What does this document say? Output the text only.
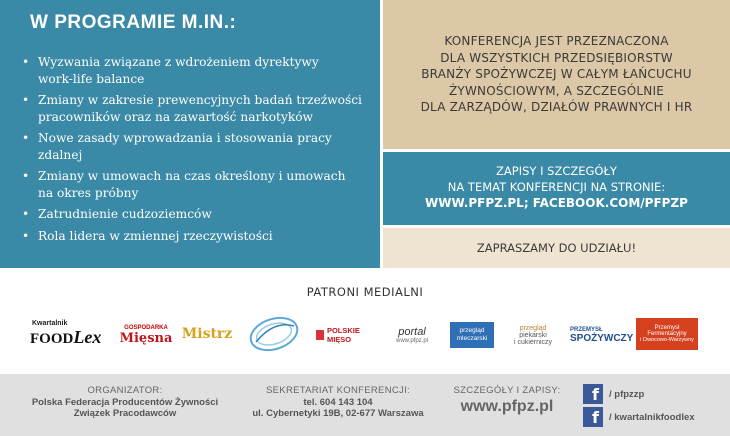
W PROGRAMIE M.IN.:
• Wyzwania związane z wdrożeniem dyrektywy
work-life balance
• Zmiany w zakresie prewencyjnych badań trzeźwości
pracowników oraz na zawartość narkotyków
• Nowe zasady wprowadzania i stosowania pracy
zdalnej
• Zmiany w umowach na czas określony i umowach
na okres próbny
• Zatrudnienie cudzoziemców
• Rola lidera w zmiennej rzeczywistości
KONFERENCJA JEST PRZEZNACZONA
DLA WSZYSTKICH PRZEDSIĘBIORSTW
BRANŻY SPOŻYWCZEJ W CAŁYM ŁAŃCUCHU
ŻYWNOŚCIOWYM, A SZCZEGÓLNIE
DLA ZARZĄDÓW, DZIAŁÓW PRAWNYCH I HR
ZAPISY I SZCZEGÓŁY
NA TEMAT KONFERENCJI NA STRONIE:
WWW.PFPZ.PL; FACEBOOK.COM/PFPZP
ZAPRASZAMY DO UDZIAŁU!
PATRONI MEDIALNI
Kwartalnik
FOOD Lex	GOSPODARKA
Mięsna Mistrz	POLSKIE MIĘSO
portal
www.pfpz.pl
przegląd mleczarski
przegląd
piekarski
i cukierniczy
PRZEMYSŁ
SPOŻYWCZY
Przemysł
Fermentacyjny
i Owocowo-Warzywny
ORGANIZATOR:
Polska Federacja Producentów Żywności
Związek Pracodawców
SEKRETARIAT KONFERENCJI:
tel. 604 143 104
ul. Cybernetyki 19B, 02-677 Warszawa
SZCZEGÓŁY I ZAPISY:
www.pfpz.pl
f	/ pfpzzp
f	/ kwartalnikfoodlex
